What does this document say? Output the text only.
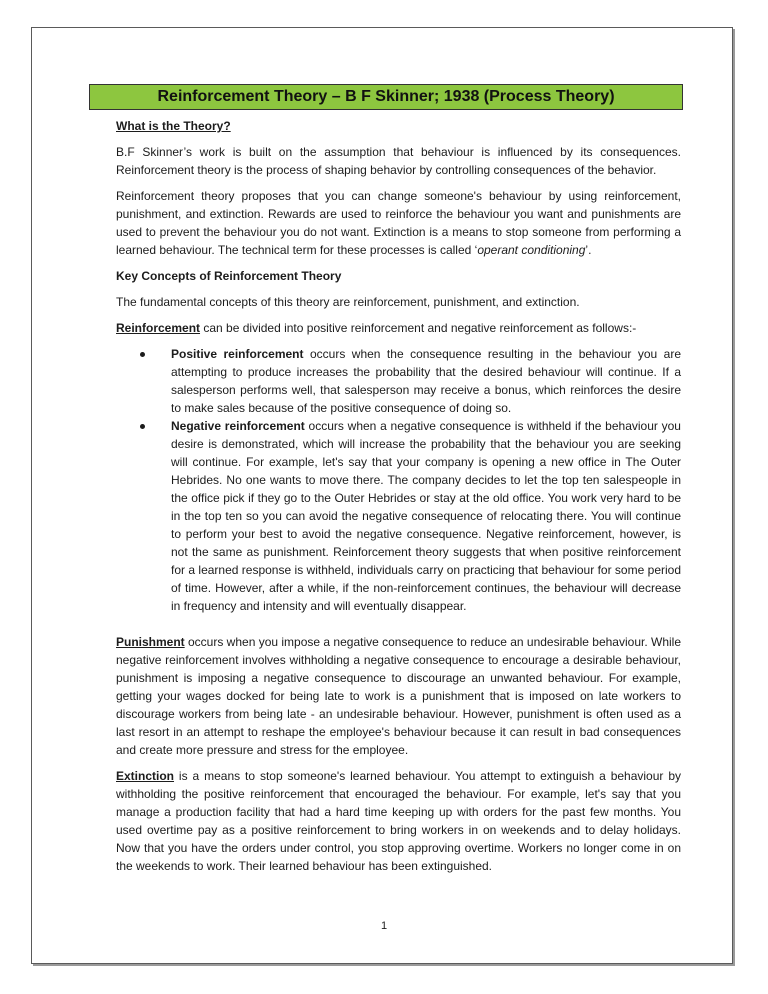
Reinforcement Theory – B F Skinner; 1938 (Process Theory)

What is the Theory?

B.F Skinner’s work is built on the assumption that behaviour is influenced by its consequences. Reinforcement theory is the process of shaping behavior by controlling consequences of the behavior.

Reinforcement theory proposes that you can change someone's behaviour by using reinforcement, punishment, and extinction. Rewards are used to reinforce the behaviour you want and punishments are used to prevent the behaviour you do not want. Extinction is a means to stop someone from performing a learned behaviour. The technical term for these processes is called ‘operant conditioning’.

Key Concepts of Reinforcement Theory

The fundamental concepts of this theory are reinforcement, punishment, and extinction.

Reinforcement can be divided into positive reinforcement and negative reinforcement as follows:-

Positive reinforcement occurs when the consequence resulting in the behaviour you are attempting to produce increases the probability that the desired behaviour will continue. If a salesperson performs well, that salesperson may receive a bonus, which reinforces the desire to make sales because of the positive consequence of doing so.
Negative reinforcement occurs when a negative consequence is withheld if the behaviour you desire is demonstrated, which will increase the probability that the behaviour you are seeking will continue. For example, let's say that your company is opening a new office in The Outer Hebrides. No one wants to move there. The company decides to let the top ten salespeople in the office pick if they go to the Outer Hebrides or stay at the old office. You work very hard to be in the top ten so you can avoid the negative consequence of relocating there. You will continue to perform your best to avoid the negative consequence. Negative reinforcement, however, is not the same as punishment. Reinforcement theory suggests that when positive reinforcement for a learned response is withheld, individuals carry on practicing that behaviour for some period of time. However, after a while, if the non-reinforcement continues, the behaviour will decrease in frequency and intensity and will eventually disappear.

Punishment occurs when you impose a negative consequence to reduce an undesirable behaviour. While negative reinforcement involves withholding a negative consequence to encourage a desirable behaviour, punishment is imposing a negative consequence to discourage an unwanted behaviour. For example, getting your wages docked for being late to work is a punishment that is imposed on late workers to discourage workers from being late - an undesirable behaviour. However, punishment is often used as a last resort in an attempt to reshape the employee's behaviour because it can result in bad consequences and create more pressure and stress for the employee.

Extinction is a means to stop someone's learned behaviour. You attempt to extinguish a behaviour by withholding the positive reinforcement that encouraged the behaviour. For example, let's say that you manage a production facility that had a hard time keeping up with orders for the past few months. You used overtime pay as a positive reinforcement to bring workers in on weekends and to delay holidays. Now that you have the orders under control, you stop approving overtime. Workers no longer come in on the weekends to work. Their learned behaviour has been extinguished.

1
